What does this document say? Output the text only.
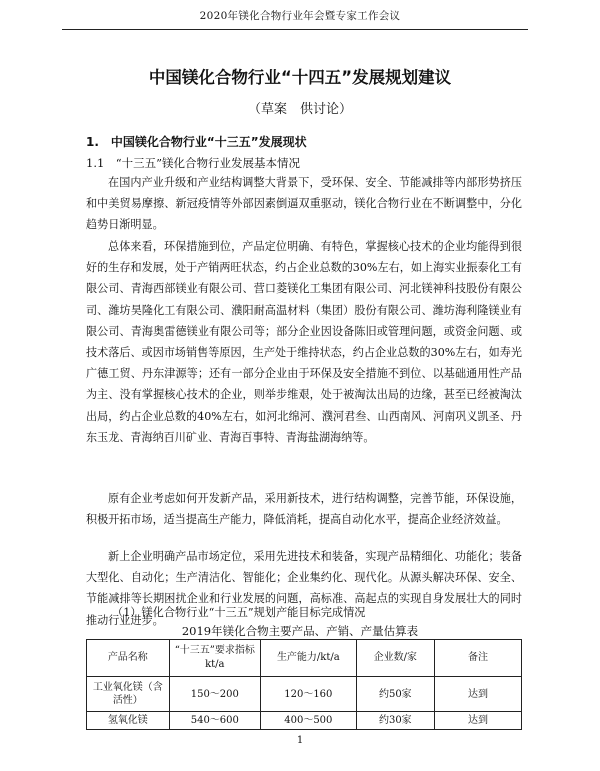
2020年镁化合物行业年会暨专家工作会议
中国镁化合物行业“十四五”发展规划建议
（草案　供讨论）
1.　中国镁化合物行业“十三五”发展现状
1.1　“十三五”镁化合物行业发展基本情况

在国内产业升级和产业结构调整大背景下，受环保、安全、节能减排等内部形势挤压和中美贸易摩擦、新冠疫情等外部因素倒逼双重驱动，镁化合物行业在不断调整中，分化趋势日渐明显。

总体来看，环保措施到位，产品定位明确、有特色，掌握核心技术的企业均能得到很好的生存和发展，处于产销两旺状态，约占企业总数的30%左右，如上海实业振泰化工有限公司、青海西部镁业有限公司、营口菱镁化工集团有限公司、河北镁神科技股份有限公司、潍坊昊隆化工有限公司、濮阳耐高温材料（集团）股份有限公司、潍坊海利隆镁业有限公司、青海奥雷德镁业有限公司等；部分企业因设备陈旧或管理问题，或资金问题、或技术落后、或因市场销售等原因，生产处于维持状态，约占企业总数的30%左右，如寿光广德工贸、丹东津源等；还有一部分企业由于环保及安全措施不到位、以基础通用性产品为主、没有掌握核心技术的企业，则举步维艰，处于被淘汰出局的边缘，甚至已经被淘汰出局，约占企业总数的40%左右，如河北绵河、濮河君叁、山西南风、河南巩义凯圣、丹东玉龙、青海纳百川矿业、青海百事特、青海盐湖海纳等。

原有企业考虑如何开发新产品，采用新技术，进行结构调整，完善节能，环保设施，积极开拓市场，适当提高生产能力，降低消耗，提高自动化水平，提高企业经济效益。

新上企业明确产品市场定位，采用先进技术和装备，实现产品精细化、功能化；装备大型化、自动化；生产清洁化、智能化；企业集约化、现代化。从源头解决环保、安全、节能减排等长期困扰企业和行业发展的问题，高标准、高起点的实现自身发展壮大的同时推动行业进步。

（1）镁化合物行业“十三五”规划产能目标完成情况
2019年镁化合物主要产品、产销、产量估算表
产品名称	“十三五”要求指标kt/a	生产能力/kt/a	企业数/家	备注
工业氧化镁（含活性）	150～200	120～160	约50家	达到
氢氧化镁	540～600	400～500	约30家	达到
1
